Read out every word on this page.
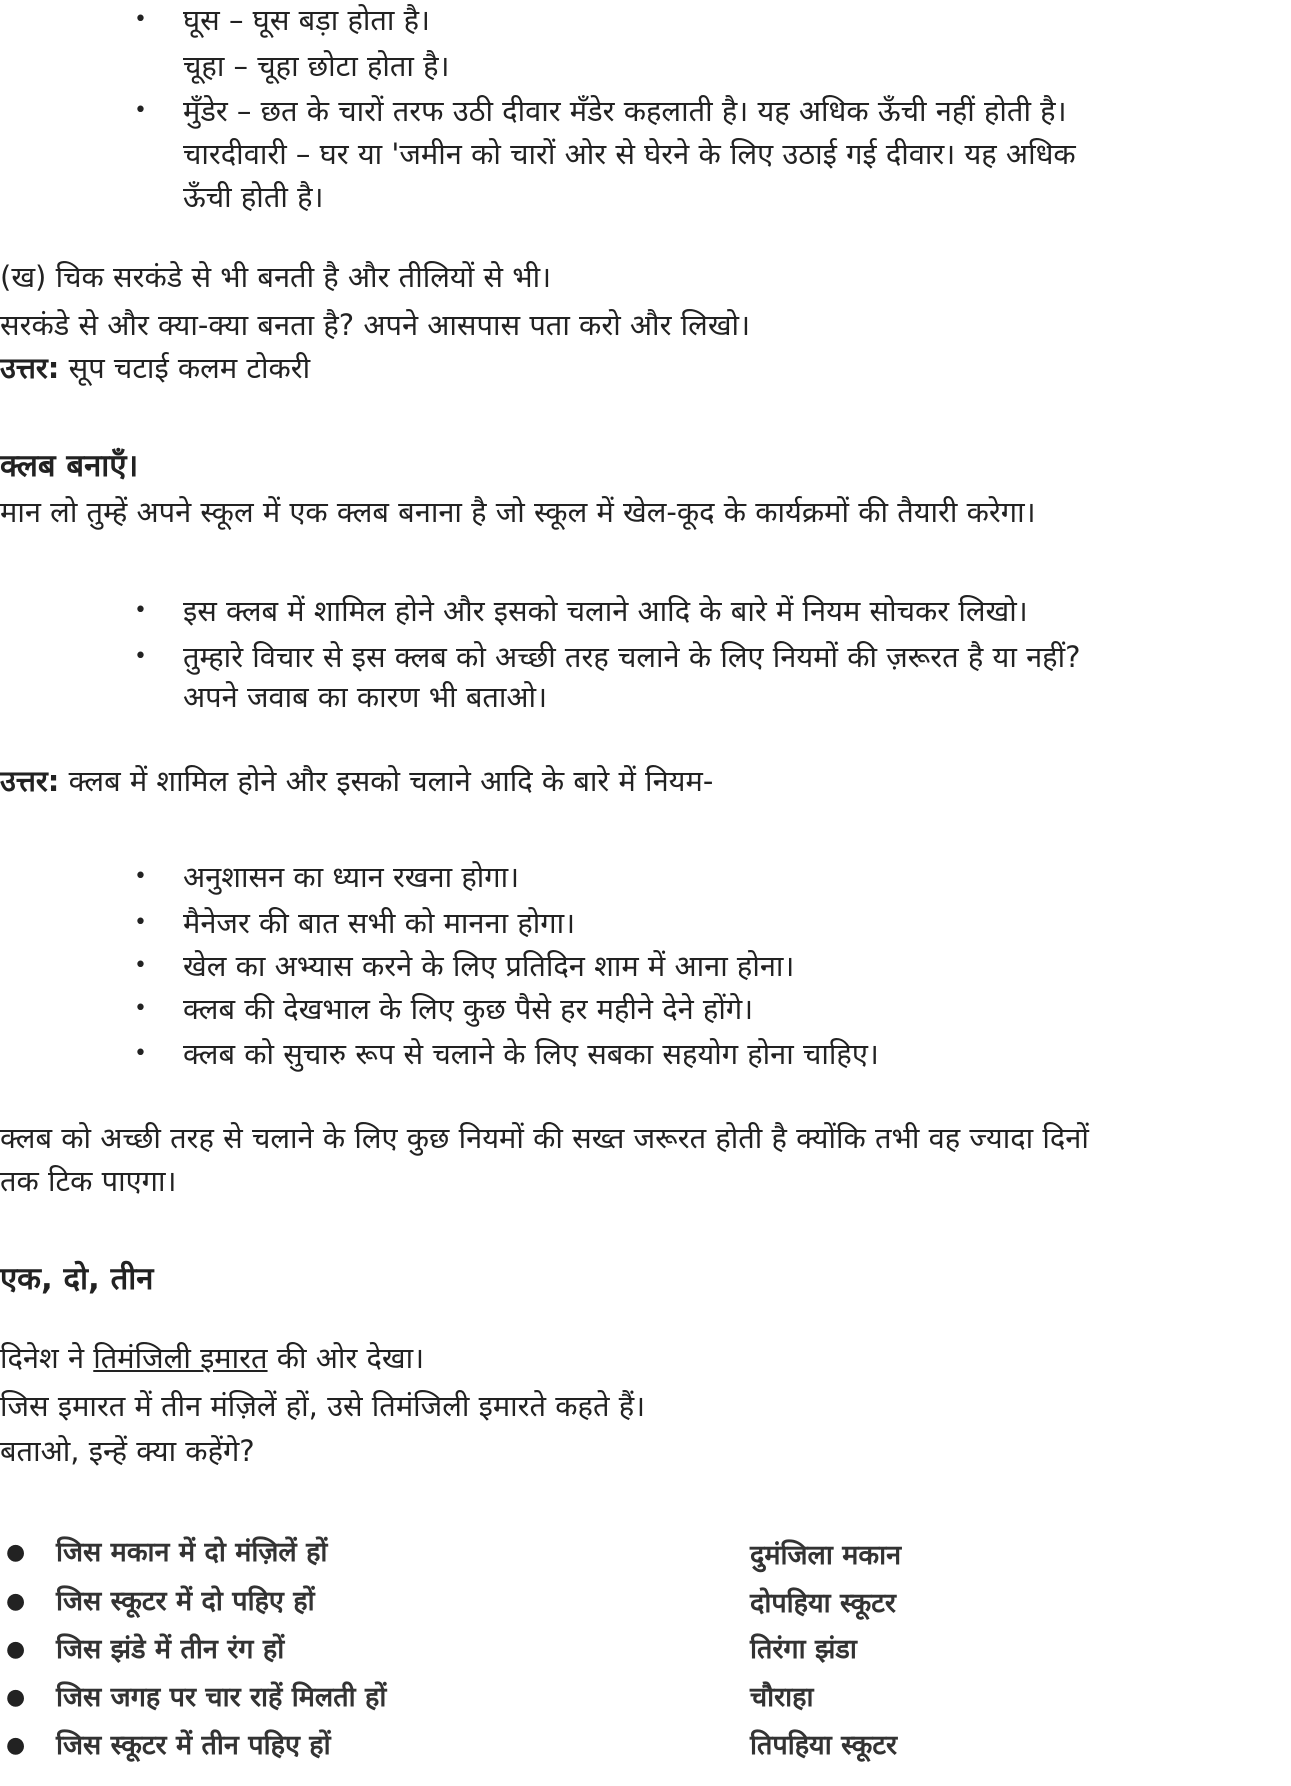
• घूस – घूस बड़ा होता है।
चूहा – चूहा छोटा होता है।
• मुँडेर – छत के चारों तरफ उठी दीवार मँडेर कहलाती है। यह अधिक ऊँची नहीं होती है।
चारदीवारी – घर या 'जमीन को चारों ओर से घेरने के लिए उठाई गई दीवार। यह अधिक
ऊँची होती है।
(ख) चिक सरकंडे से भी बनती है और तीलियों से भी।
सरकंडे से और क्या-क्या बनता है? अपने आसपास पता करो और लिखो।
उत्तर: सूप चटाई कलम टोकरी
क्लब बनाएँ।
मान लो तुम्हें अपने स्कूल में एक क्लब बनाना है जो स्कूल में खेल-कूद के कार्यक्रमों की तैयारी करेगा।
• इस क्लब में शामिल होने और इसको चलाने आदि के बारे में नियम सोचकर लिखो।
• तुम्हारे विचार से इस क्लब को अच्छी तरह चलाने के लिए नियमों की ज़रूरत है या नहीं?
अपने जवाब का कारण भी बताओ।
उत्तर: क्लब में शामिल होने और इसको चलाने आदि के बारे में नियम-
• अनुशासन का ध्यान रखना होगा।
• मैनेजर की बात सभी को मानना होगा।
• खेल का अभ्यास करने के लिए प्रतिदिन शाम में आना होना।
• क्लब की देखभाल के लिए कुछ पैसे हर महीने देने होंगे।
• क्लब को सुचारु रूप से चलाने के लिए सबका सहयोग होना चाहिए।
क्लब को अच्छी तरह से चलाने के लिए कुछ नियमों की सख्त जरूरत होती है क्योंकि तभी वह ज्यादा दिनों
तक टिक पाएगा।
एक, दो, तीन
दिनेश ने तिमंजिली इमारत की ओर देखा।
जिस इमारत में तीन मंज़िलें हों, उसे तिमंजिली इमारते कहते हैं।
बताओ, इन्हें क्या कहेंगे?
● जिस मकान में दो मंज़िलें हों	दुमंजिला मकान
● जिस स्कूटर में दो पहिए हों	दोपहिया स्कूटर
● जिस झंडे में तीन रंग हों	तिरंगा झंडा
● जिस जगह पर चार राहें मिलती हों	चौराहा
● जिस स्कूटर में तीन पहिए हों	तिपहिया स्कूटर
